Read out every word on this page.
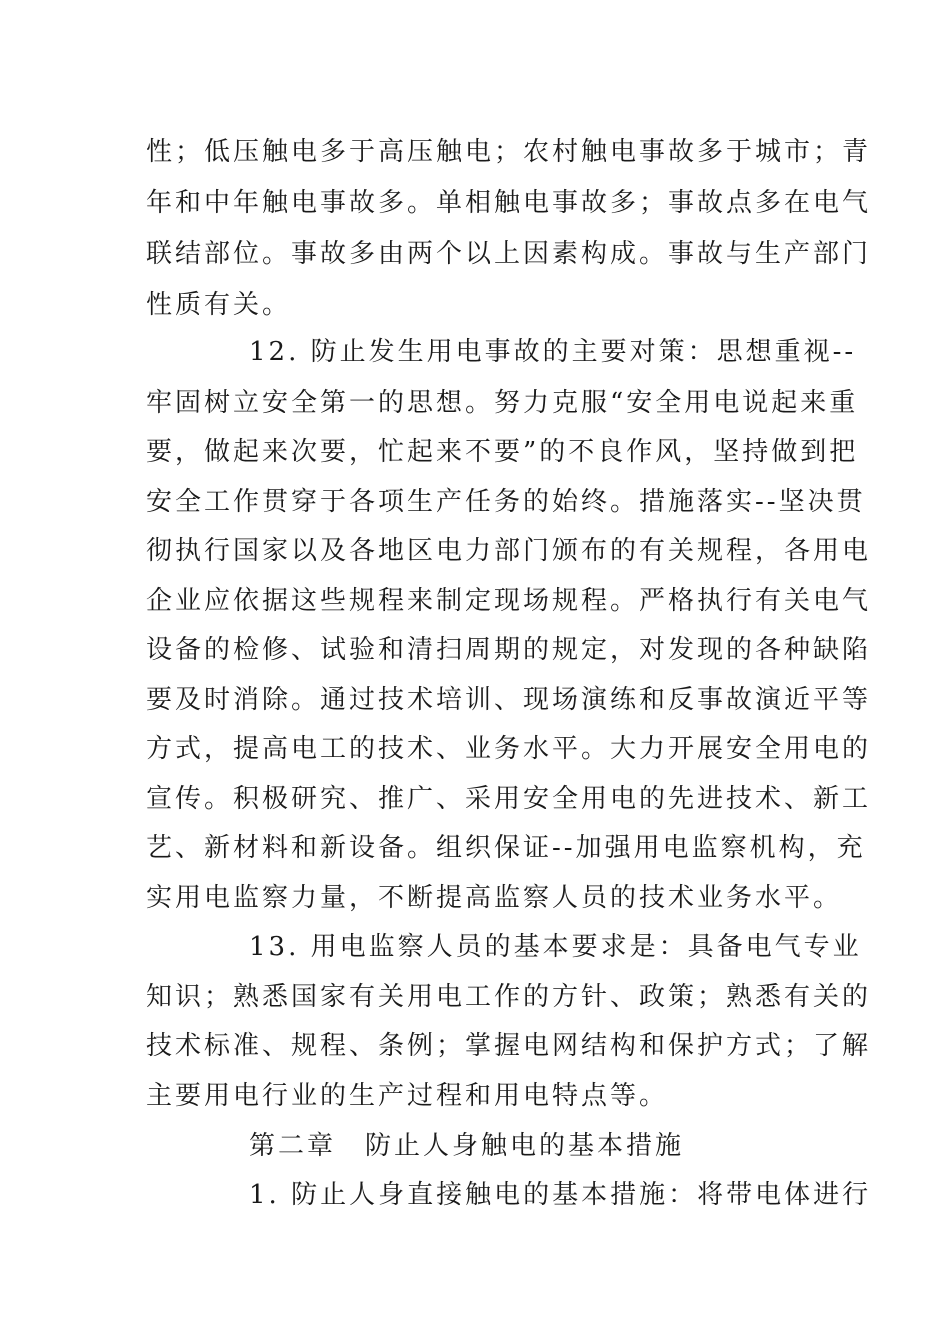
性；低压触电多于高压触电；农村触电事故多于城市；青
年和中年触电事故多。单相触电事故多；事故点多在电气
联结部位。事故多由两个以上因素构成。事故与生产部门
性质有关。
12. 防止发生用电事故的主要对策：思想重视--
牢固树立安全第一的思想。努力克服“安全用电说起来重
要，做起来次要，忙起来不要”的不良作风，坚持做到把
安全工作贯穿于各项生产任务的始终。措施落实--坚决贯
彻执行国家以及各地区电力部门颁布的有关规程，各用电
企业应依据这些规程来制定现场规程。严格执行有关电气
设备的检修、试验和清扫周期的规定，对发现的各种缺陷
要及时消除。通过技术培训、现场演练和反事故演近平等
方式，提高电工的技术、业务水平。大力开展安全用电的
宣传。积极研究、推广、采用安全用电的先进技术、新工
艺、新材料和新设备。组织保证--加强用电监察机构，充
实用电监察力量，不断提高监察人员的技术业务水平。
13. 用电监察人员的基本要求是：具备电气专业
知识；熟悉国家有关用电工作的方针、政策；熟悉有关的
技术标准、规程、条例；掌握电网结构和保护方式；了解
主要用电行业的生产过程和用电特点等。
第二章　防止人身触电的基本措施
1. 防止人身直接触电的基本措施：将带电体进行
